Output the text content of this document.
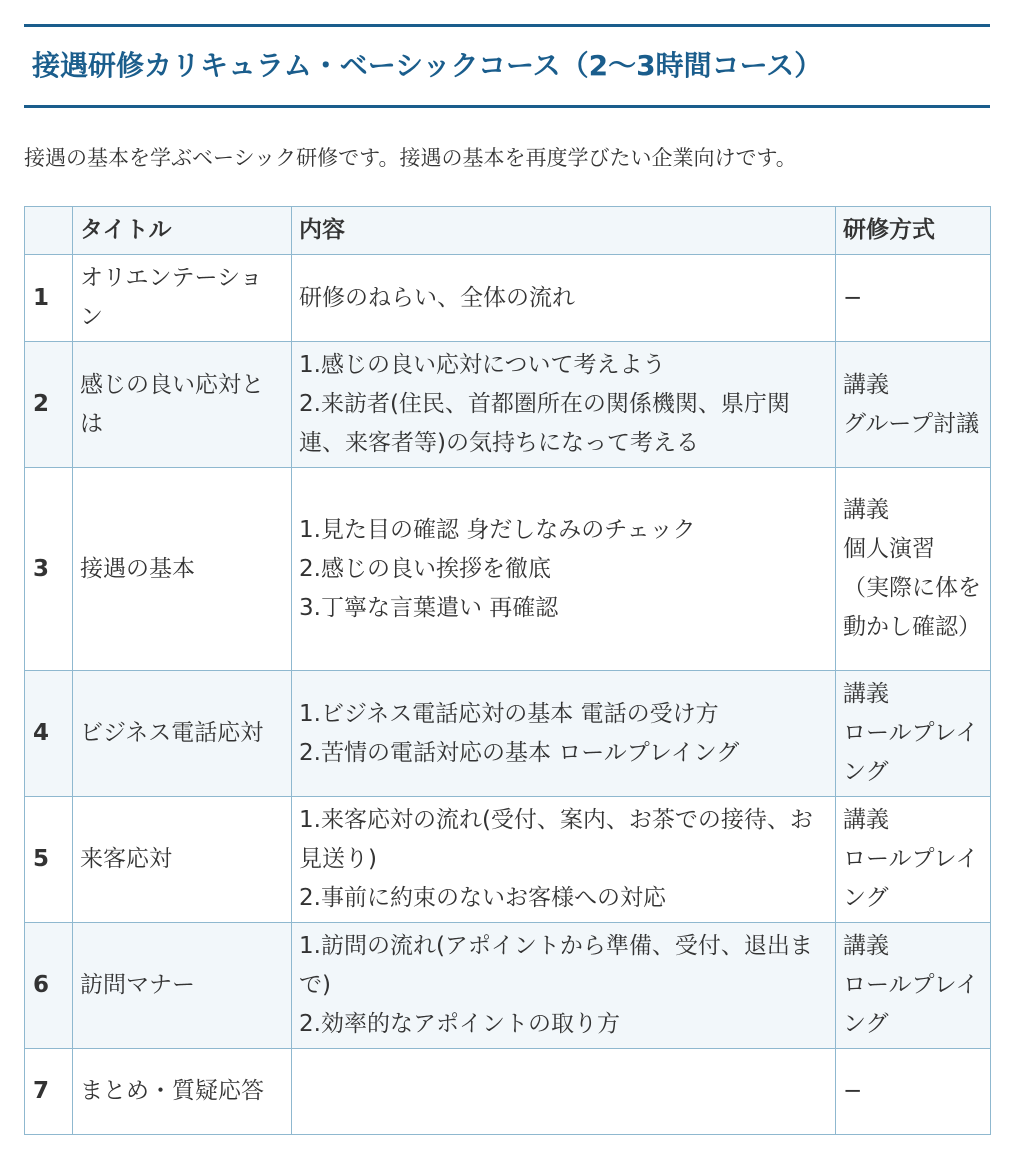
接遇研修カリキュラム・ベーシックコース（2〜3時間コース）

接遇の基本を学ぶベーシック研修です。接遇の基本を再度学びたい企業向けです。

	タイトル	内容	研修方式
1	オリエンテーション	研修のねらい、全体の流れ	−

2	感じの良い応対とは	1.感じの良い応対について考えよう
2.来訪者(住民、首都圏所在の関係機関、県庁関連、来客者等)の気持ちになって考える	講義
グループ討議

3	接遇の基本	1.見た目の確認 身だしなみのチェック
2.感じの良い挨拶を徹底
3.丁寧な言葉遣い 再確認	講義
個人演習
（実際に体を動かし確認）

4	ビジネス電話応対	1.ビジネス電話応対の基本 電話の受け方
2.苦情の電話対応の基本 ロールプレイング	講義
ロールプレイング

5	来客応対	1.来客応対の流れ(受付、案内、お茶での接待、お見送り)
2.事前に約束のないお客様への対応	講義
ロールプレイング

6	訪問マナー	1.訪問の流れ(アポイントから準備、受付、退出まで)
2.効率的なアポイントの取り方	講義
ロールプレイング

7	まとめ・質疑応答		−
